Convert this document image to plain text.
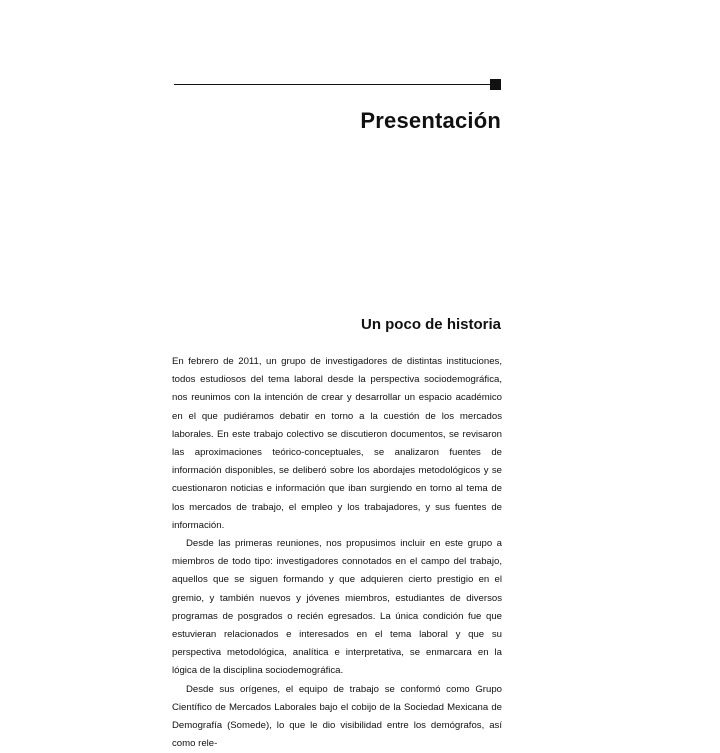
Presentación
Un poco de historia

En febrero de 2011, un grupo de investigadores de distintas instituciones, todos estudiosos del tema laboral desde la perspectiva sociodemográfica, nos reunimos con la intención de crear y desarrollar un espacio académico en el que pudiéramos debatir en torno a la cuestión de los mercados laborales. En este trabajo colectivo se discutieron documentos, se revisaron las aproximaciones teórico-conceptuales, se analizaron fuentes de información disponibles, se deliberó sobre los abordajes metodológicos y se cuestionaron noticias e información que iban surgiendo en torno al tema de los mercados de trabajo, el empleo y los trabajadores, y sus fuentes de información.

Desde las primeras reuniones, nos propusimos incluir en este grupo a miembros de todo tipo: investigadores connotados en el campo del trabajo, aquellos que se siguen formando y que adquieren cierto prestigio en el gremio, y también nuevos y jóvenes miembros, estudiantes de diversos programas de posgrados o recién egresados. La única condición fue que estuvieran relacionados e interesados en el tema laboral y que su perspectiva metodológica, analítica e interpretativa, se enmarcara en la lógica de la disciplina sociodemográfica.

Desde sus orígenes, el equipo de trabajo se conformó como Grupo Científico de Mercados Laborales bajo el cobijo de la Sociedad Mexicana de Demografía (Somede), lo que le dio visibilidad entre los demógrafos, así como rele-
